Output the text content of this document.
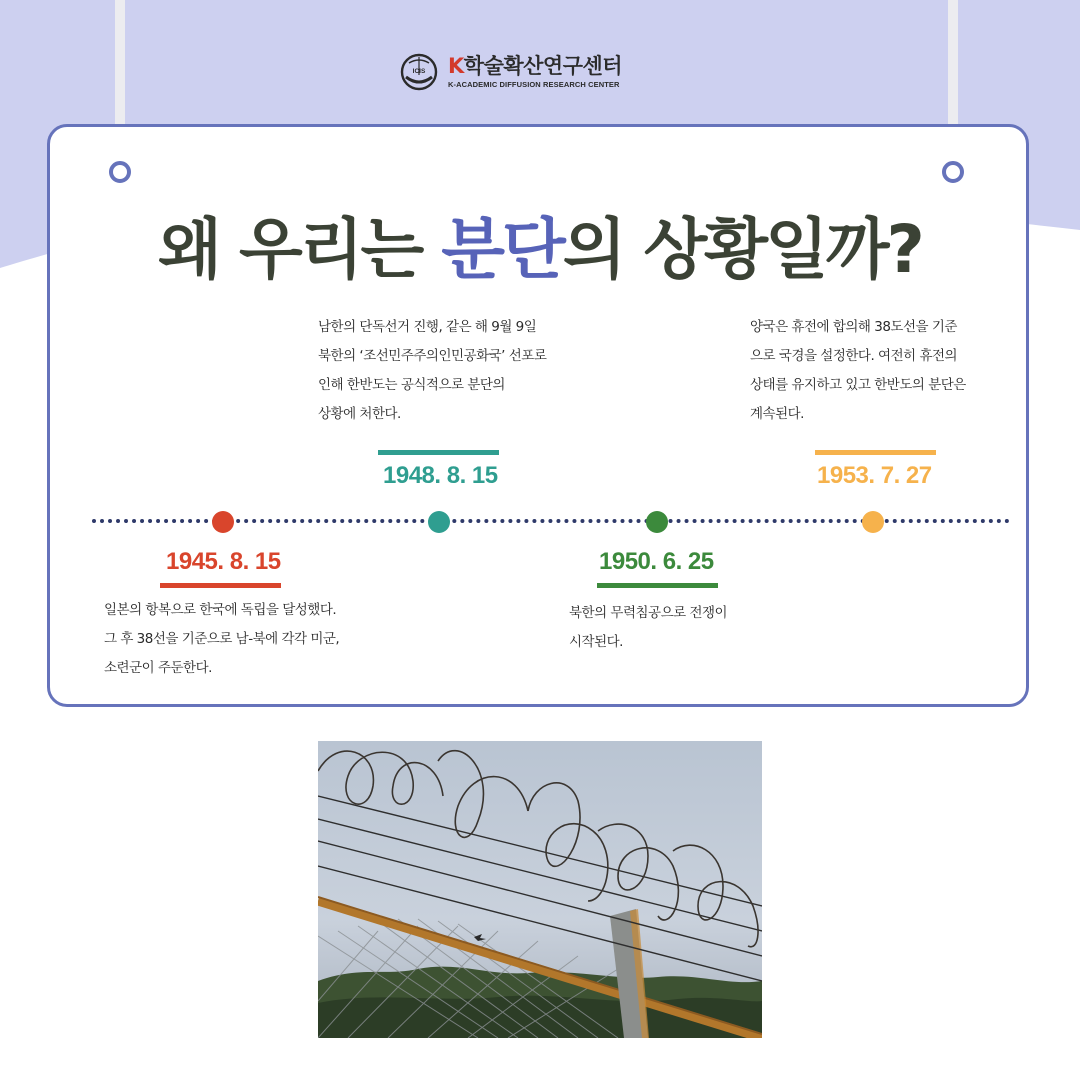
ICIS K학술확산연구센터
K-ACADEMIC DIFFUSION RESEARCH CENTER
왜 우리는 분단의 상황일까?
1945. 8. 15
일본의 항복으로 한국에 독립을 달성했다.
그 후 38선을 기준으로 남-북에 각각 미군,
소련군이 주둔한다.
남한의 단독선거 진행, 같은 해 9월 9일
북한의 ‘조선민주주의인민공화국’ 선포로
인해 한반도는 공식적으로 분단의
상황에 처한다.
1948. 8. 15
1950. 6. 25
북한의 무력침공으로 전쟁이
시작된다.
양국은 휴전에 합의해 38도선을 기준
으로 국경을 설정한다. 여전히 휴전의
상태를 유지하고 있고 한반도의 분단은
계속된다.
1953. 7. 27
